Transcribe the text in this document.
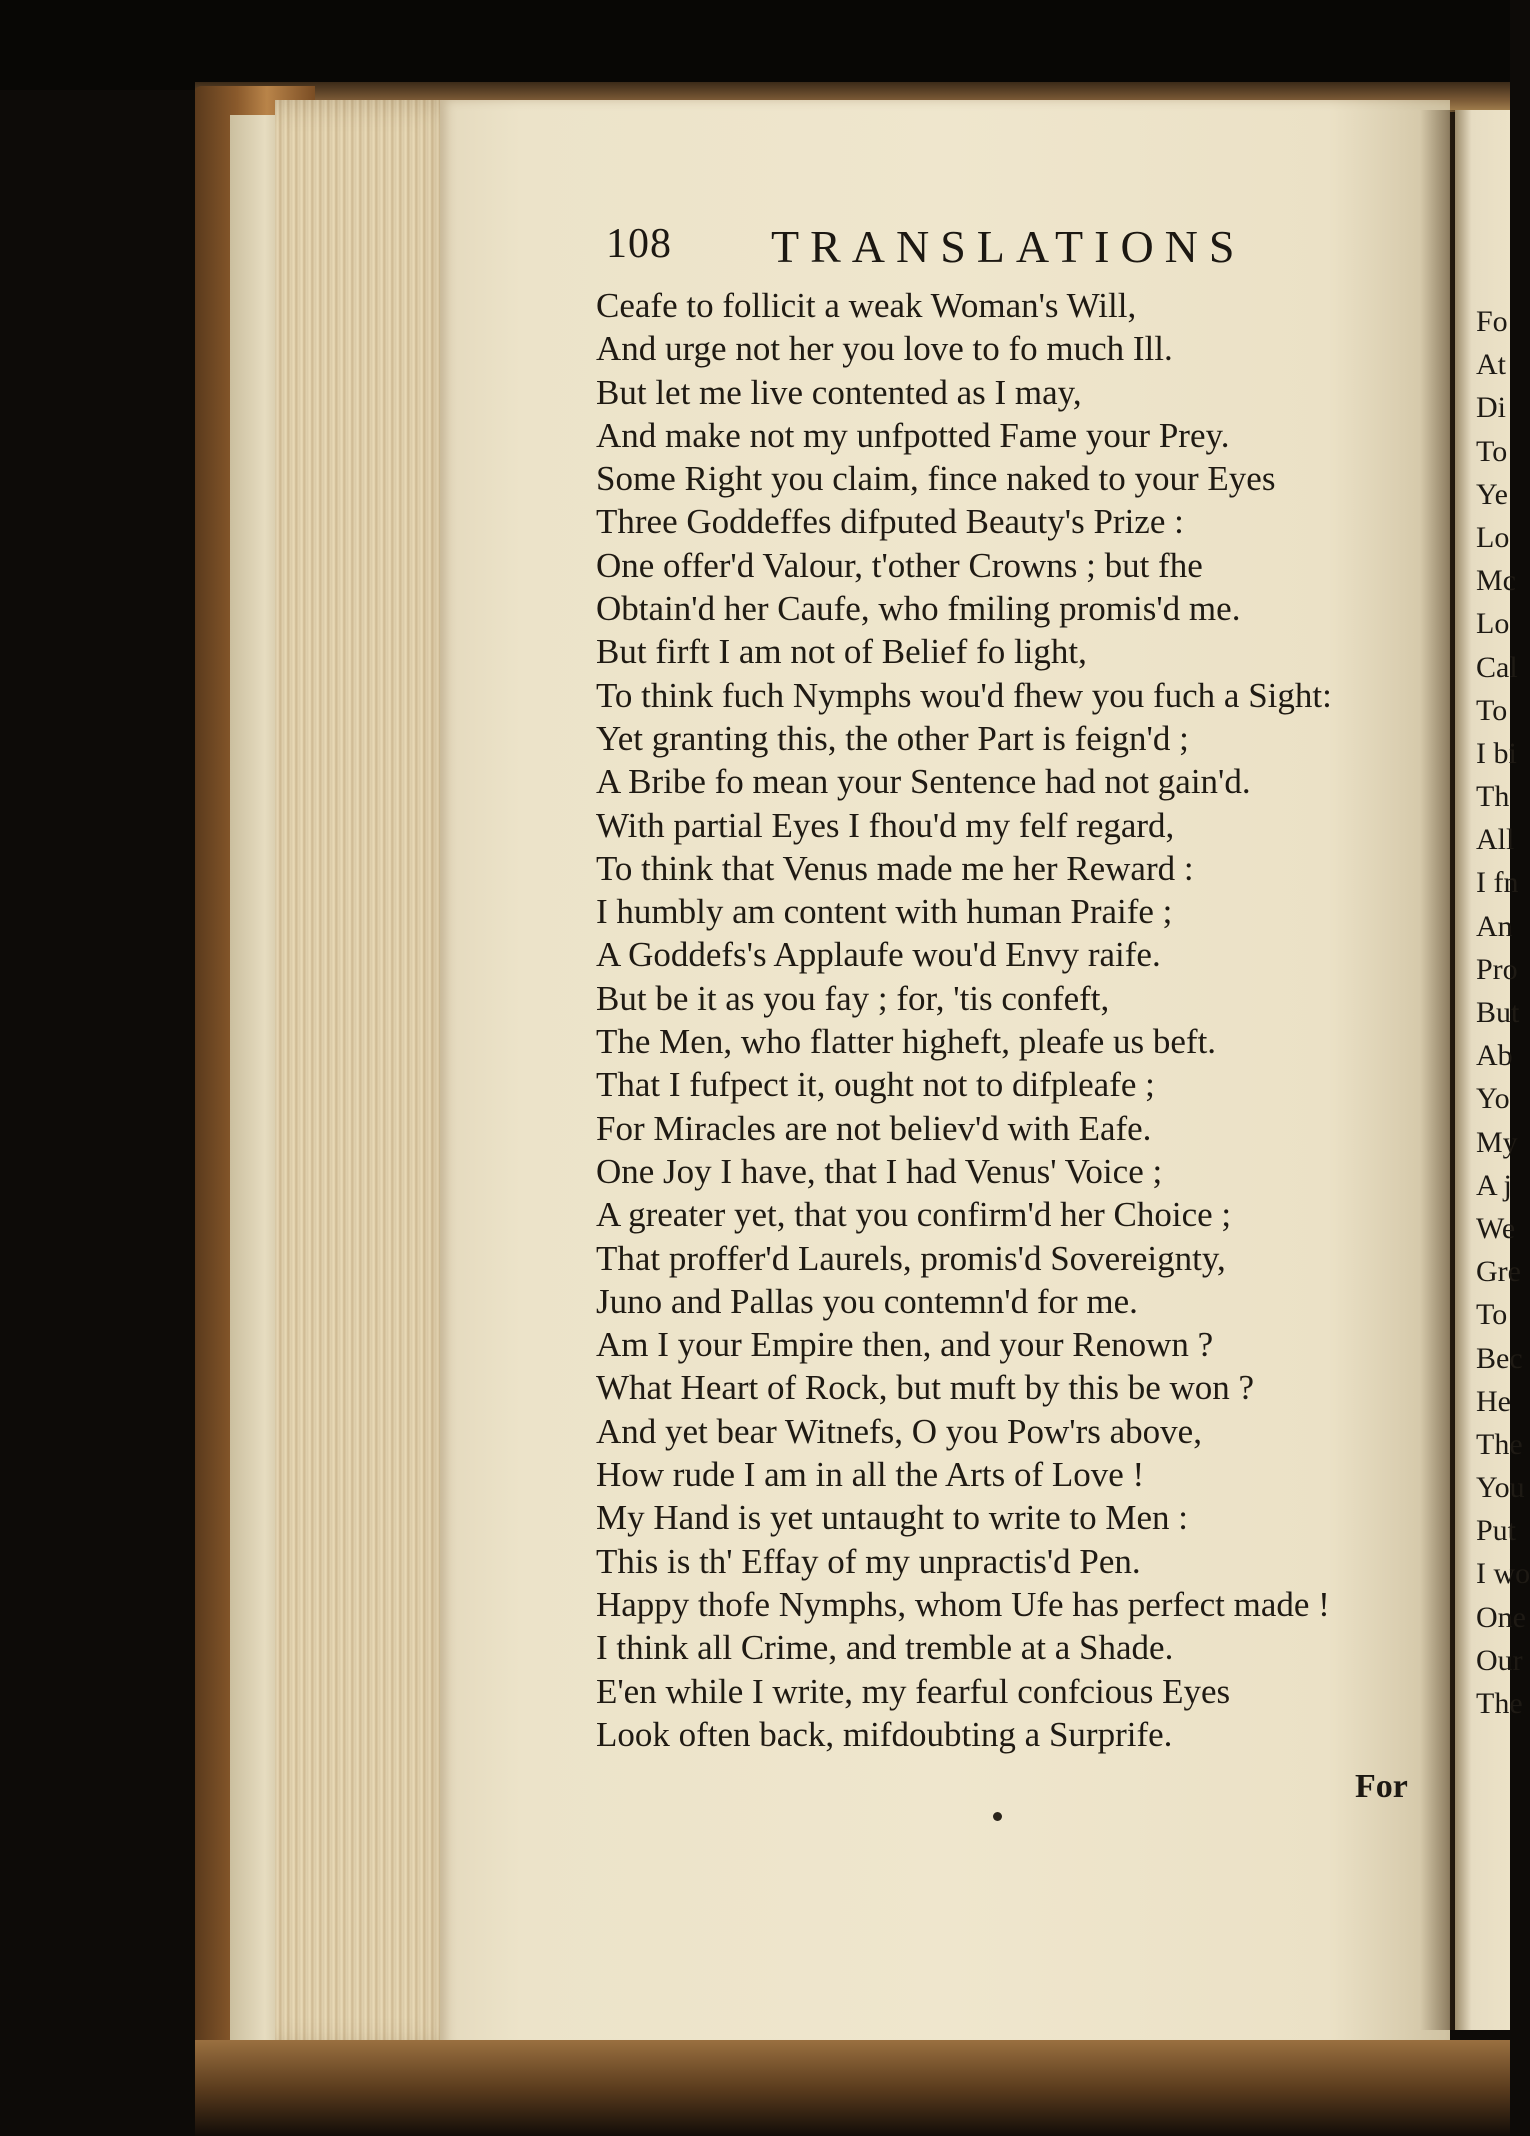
Fo
At
Di
To
Ye
Lo
Mc
Lo
Cal
To
I bi
Th
All
I fn
An
Pro
But
Ab
Yo
My
A j
We
Gre
To
Bec
He
The
You
Put
I wo
One
Our
The
108 TRANSLATIONS
Ceafe to follicit a weak Woman's Will,
And urge not her you love to fo much Ill.
But let me live contented as I may,
And make not my unfpotted Fame your Prey.
Some Right you claim, fince naked to your Eyes
Three Goddeffes difputed Beauty's Prize :
One offer'd Valour, t'other Crowns ; but fhe
Obtain'd her Caufe, who fmiling promis'd me.
But firft I am not of Belief fo light,
To think fuch Nymphs wou'd fhew you fuch a Sight:
Yet granting this, the other Part is feign'd ;
A Bribe fo mean your Sentence had not gain'd.
With partial Eyes I fhou'd my felf regard,
To think that Venus made me her Reward :
I humbly am content with human Praife ;
A Goddefs's Applaufe wou'd Envy raife.
But be it as you fay ; for, 'tis confeft,
The Men, who flatter higheft, pleafe us beft.
That I fufpect it, ought not to difpleafe ;
For Miracles are not believ'd with Eafe.
One Joy I have, that I had Venus' Voice ;
A greater yet, that you confirm'd her Choice ;
That proffer'd Laurels, promis'd Sovereignty,
Juno and Pallas you contemn'd for me.
Am I your Empire then, and your Renown ?
What Heart of Rock, but muft by this be won ?
And yet bear Witnefs, O you Pow'rs above,
How rude I am in all the Arts of Love !
My Hand is yet untaught to write to Men :
This is th' Effay of my unpractis'd Pen.
Happy thofe Nymphs, whom Ufe has perfect made !
I think all Crime, and tremble at a Shade.
E'en while I write, my fearful confcious Eyes
Look often back, mifdoubting a Surprife.
For
